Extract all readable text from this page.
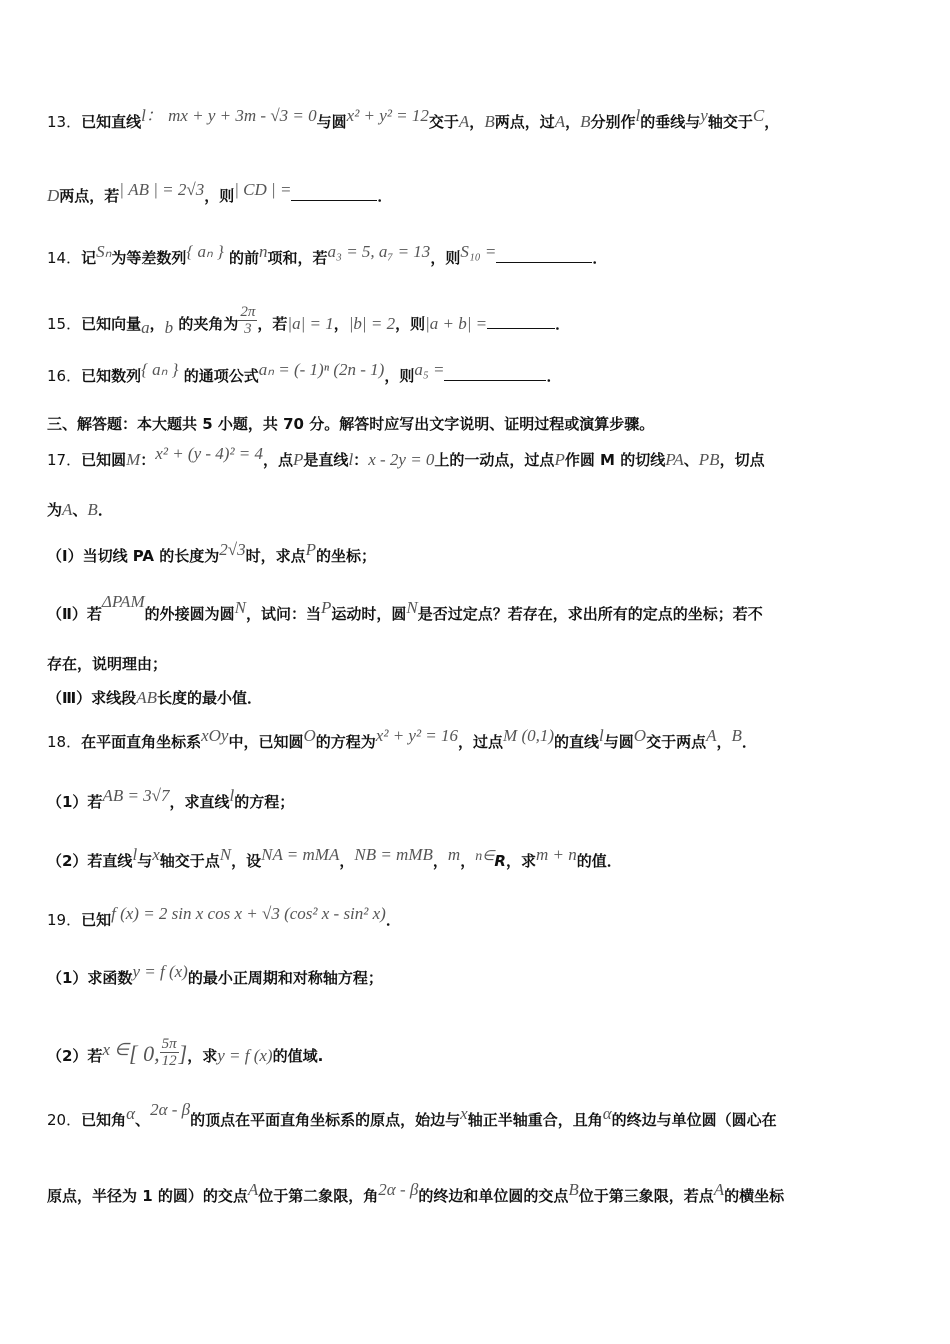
13．已知直线l： mx + y + 3m - √3 = 0与圆x² + y² = 12交于A，B两点，过A，B分别作l的垂线与y轴交于C，
D两点，若| AB | = 2√3，则| CD | =	．
14．记Sₙ为等差数列{ aₙ } 的前n项和，若a₃ = 5, a₇ = 13，则S₁₀ =	．
15．已知向量a，b 的夹角为 $\frac{2\pi}{3}$ ，若|a| = 1，|b| = 2，则|a + b| =	．
16．已知数列{ aₙ } 的通项公式aₙ = (- 1)ⁿ (2n - 1)，则a₅ =	．
三、解答题：本大题共 5 小题，共 70 分。解答时应写出文字说明、证明过程或演算步骤。
17．已知圆M：x² + (y - 4)² = 4，点P是直线l：x - 2y = 0上的一动点，过点P作圆 M 的切线PA、PB，切点
为A、B．
（Ⅰ）当切线 PA 的长度为2√3时，求点P的坐标；
（Ⅱ）若ΔPAM的外接圆为圆N，试问：当P运动时，圆N是否过定点？若存在，求出所有的定点的坐标；若不
存在，说明理由；
（Ⅲ）求线段AB长度的最小值．
18．在平面直角坐标系xOy中，已知圆O的方程为x² + y² = 16，过点M (0,1)的直线l与圆O交于两点A，B．
（1）若AB = 3√7，求直线l的方程；
（2）若直线l与x轴交于点N，设NA = mMA，NB = mMB，m，n∈R，求m + n的值．
19．已知f (x) = 2 sin x cos x + √3 (cos² x - sin² x)．
（1）求函数y = f (x)的最小正周期和对称轴方程；
（2）若x ∈[ 0, $\frac{5\pi}{12}$ ]，求y = f (x)的值域.
20．已知角α、2α - β的顶点在平面直角坐标系的原点，始边与x轴正半轴重合，且角α的终边与单位圆（圆心在
原点，半径为 1 的圆）的交点A位于第二象限，角2α - β的终边和单位圆的交点B位于第三象限，若点A的横坐标
